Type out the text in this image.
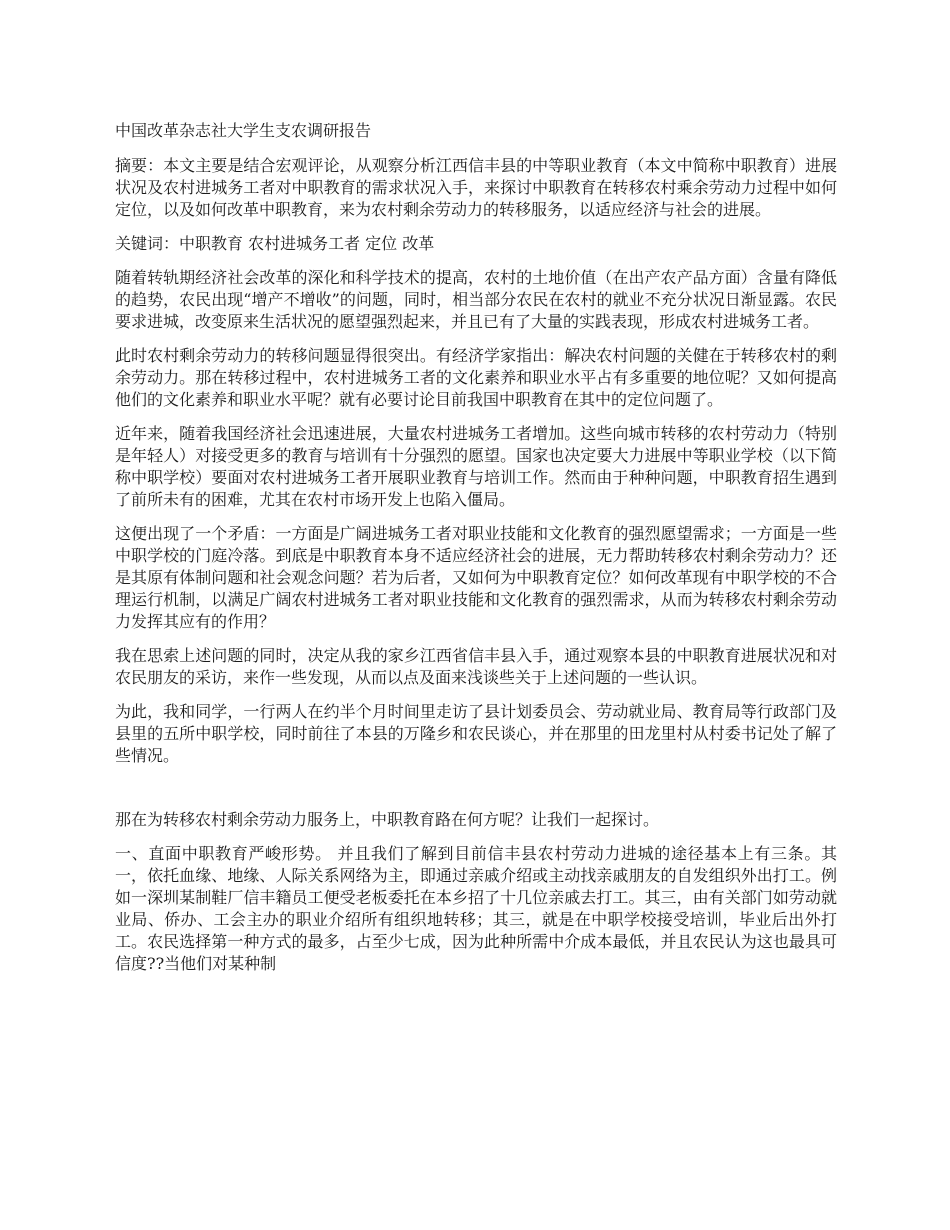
中国改革杂志社大学生支农调研报告

摘要：本文主要是结合宏观评论，从观察分析江西信丰县的中等职业教育（本文中简称中职教育）进展状况及农村进城务工者对中职教育的需求状况入手，来探讨中职教育在转移农村乘余劳动力过程中如何定位，以及如何改革中职教育，来为农村剩余劳动力的转移服务，以适应经济与社会的进展。

关键词：中职教育 农村进城务工者 定位 改革

随着转轨期经济社会改革的深化和科学技术的提高，农村的土地价值（在出产农产品方面）含量有降低的趋势，农民出现“增产不增收”的问题，同时，相当部分农民在农村的就业不充分状况日渐显露。农民要求进城，改变原来生活状况的愿望强烈起来，并且已有了大量的实践表现，形成农村进城务工者。

此时农村剩余劳动力的转移问题显得很突出。有经济学家指出：解决农村问题的关健在于转移农村的剩余劳动力。那在转移过程中，农村进城务工者的文化素养和职业水平占有多重要的地位呢？又如何提高他们的文化素养和职业水平呢？就有必要讨论目前我国中职教育在其中的定位问题了。

近年来，随着我国经济社会迅速进展，大量农村进城务工者增加。这些向城市转移的农村劳动力（特别是年轻人）对接受更多的教育与培训有十分强烈的愿望。国家也决定要大力进展中等职业学校（以下简称中职学校）要面对农村进城务工者开展职业教育与培训工作。然而由于种种问题，中职教育招生遇到了前所未有的困难，尤其在农村市场开发上也陷入僵局。

这便出现了一个矛盾：一方面是广阔进城务工者对职业技能和文化教育的强烈愿望需求；一方面是一些中职学校的门庭冷落。到底是中职教育本身不适应经济社会的进展，无力帮助转移农村剩余劳动力？还是其原有体制问题和社会观念问题？若为后者，又如何为中职教育定位？如何改革现有中职学校的不合理运行机制，以满足广阔农村进城务工者对职业技能和文化教育的强烈需求，从而为转移农村剩余劳动力发挥其应有的作用？

我在思索上述问题的同时，决定从我的家乡江西省信丰县入手，通过观察本县的中职教育进展状况和对农民朋友的采访，来作一些发现，从而以点及面来浅谈些关于上述问题的一些认识。

为此，我和同学，一行两人在约半个月时间里走访了县计划委员会、劳动就业局、教育局等行政部门及县里的五所中职学校，同时前往了本县的万隆乡和农民谈心，并在那里的田龙里村从村委书记处了解了些情况。

那在为转移农村剩余劳动力服务上，中职教育路在何方呢？让我们一起探讨。

一、直面中职教育严峻形势。 并且我们了解到目前信丰县农村劳动力进城的途径基本上有三条。其一，依托血缘、地缘、人际关系网络为主，即通过亲戚介绍或主动找亲戚朋友的自发组织外出打工。例如一深圳某制鞋厂信丰籍员工便受老板委托在本乡招了十几位亲戚去打工。其三，由有关部门如劳动就业局、侨办、工会主办的职业介绍所有组织地转移；其三，就是在中职学校接受培训，毕业后出外打工。农民选择第一种方式的最多，占至少七成，因为此种所需中介成本最低，并且农民认为这也最具可信度??当他们对某种制
